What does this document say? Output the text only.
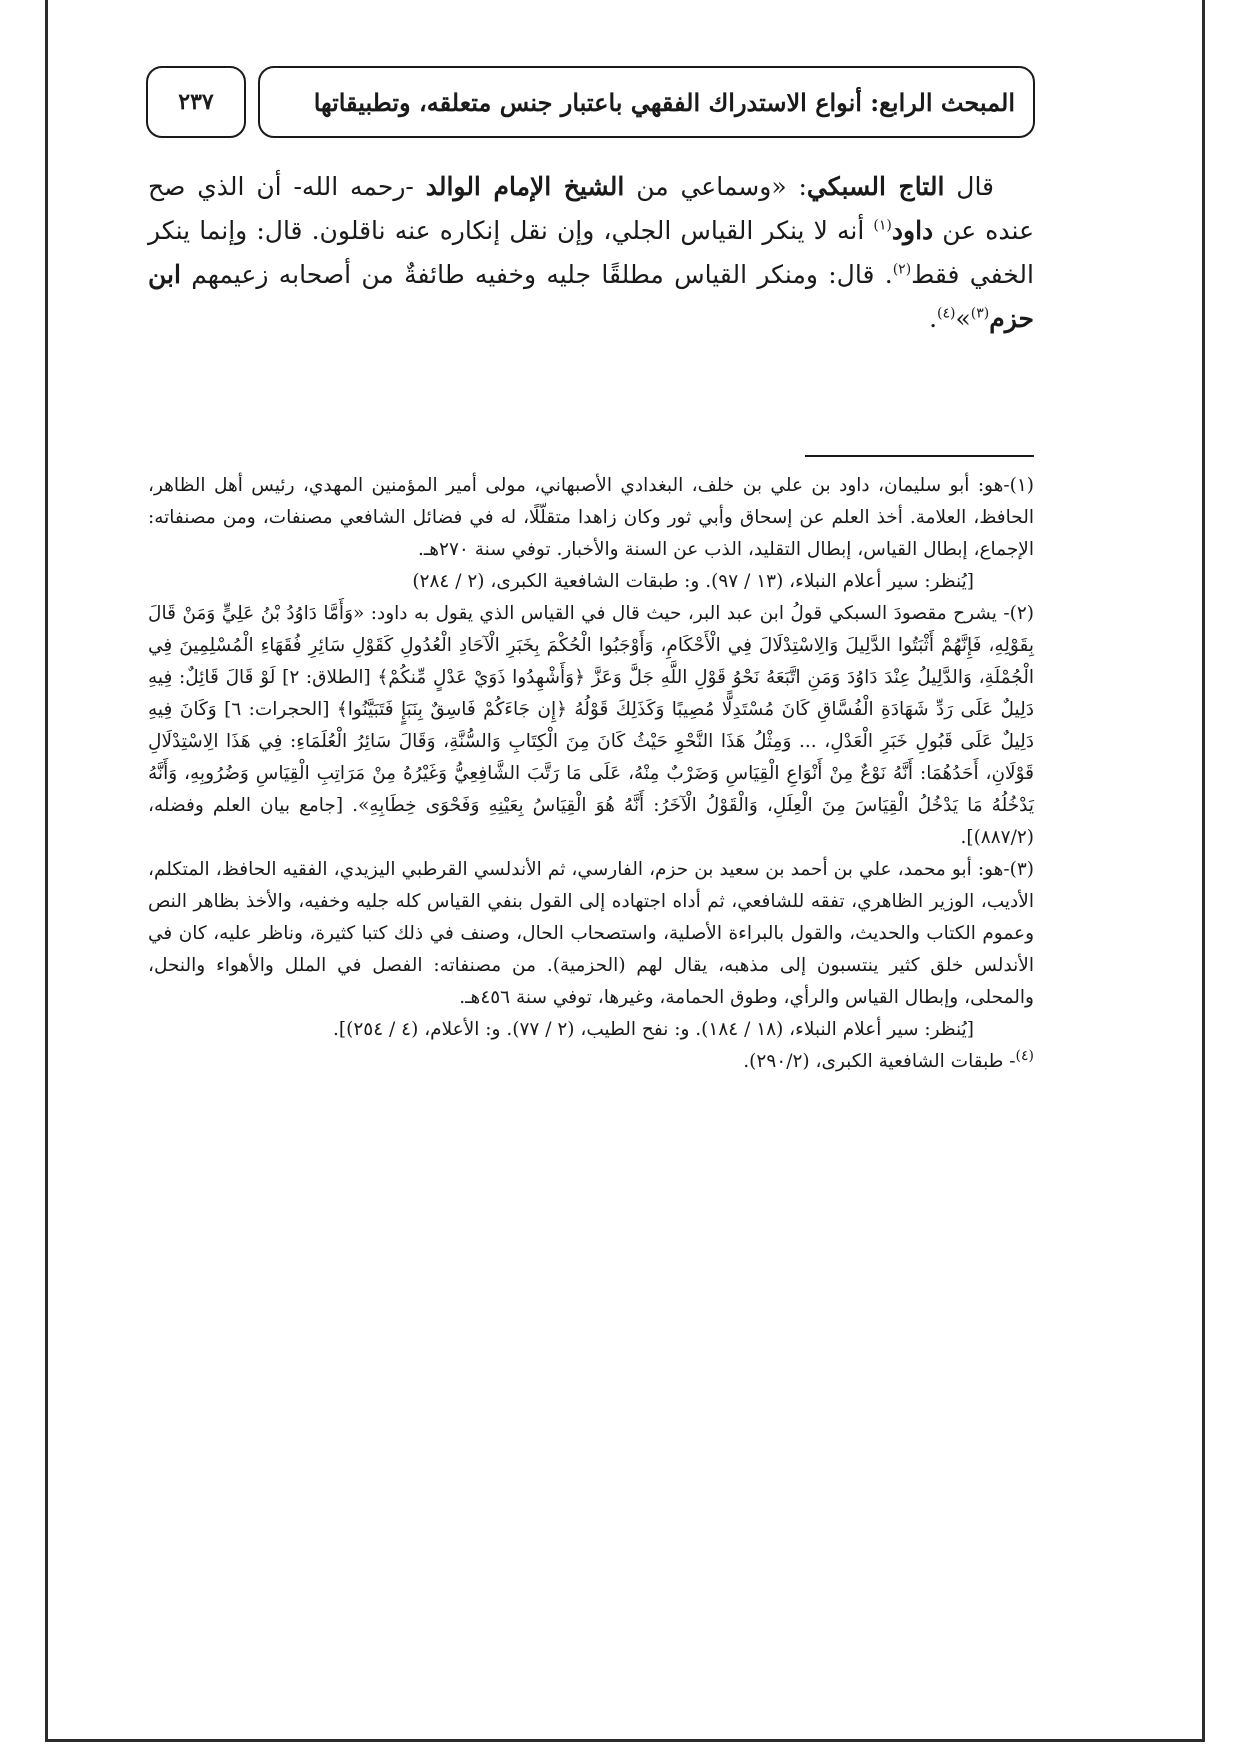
المبحث الرابع: أنواع الاستدراك الفقهي باعتبار جنس متعلقه، وتطبيقاتها
٢٣٧

قال التاج السبكي: «وسماعي من الشيخ الإمام الوالد -رحمه الله- أن الذي صح عنده عن داود$^{(١)}$ أنه لا ينكر القياس الجلي، وإن نقل إنكاره عنه ناقلون. قال: وإنما ينكر الخفي فقط$^{(٢)}$. قال: ومنكر القياس مطلقًا جليه وخفيه طائفةٌ من أصحابه زعيمهم ابن حزم$^{(٣)}$»$^{(٤)}$.

(١)-هو: أبو سليمان، داود بن علي بن خلف، البغدادي الأصبهاني، مولى أمير المؤمنين المهدي، رئيس أهل الظاهر، الحافظ، العلامة. أخذ العلم عن إسحاق وأبي ثور وكان زاهدا متقلّلًا، له في فضائل الشافعي مصنفات، ومن مصنفاته: الإجماع، إبطال القياس، إبطال التقليد، الذب عن السنة والأخبار. توفي سنة ٢٧٠هـ.

[يُنظر: سير أعلام النبلاء، (١٣ / ٩٧). و: طبقات الشافعية الكبرى، (٢ / ٢٨٤)

(٢)- يشرح مقصودَ السبكي قولُ ابن عبد البر، حيث قال في القياس الذي يقول به داود: «وَأَمَّا دَاوُدُ بْنُ عَلِيٍّ وَمَنْ قَالَ بِقَوْلِهِ، فَإِنَّهُمْ أَثْبَتُوا الدَّلِيلَ وَالِاسْتِدْلَالَ فِي الْأَحْكَامِ، وَأَوْجَبُوا الْحُكْمَ بِخَبَرِ الْآحَادِ الْعُدُولِ كَقَوْلِ سَائِرِ فُقَهَاءِ الْمُسْلِمِينَ فِي الْجُمْلَةِ، وَالدَّلِيلُ عِنْدَ دَاوُدَ وَمَنِ اتَّبَعَهُ نَحْوُ قَوْلِ اللَّهِ جَلَّ وَعَزَّ ﴿وَأَشْهِدُوا ذَوَيْ عَدْلٍ مِّنكُمْ﴾ [الطلاق: ٢] لَوْ قَالَ قَائِلٌ: فِيهِ دَلِيلٌ عَلَى رَدِّ شَهَادَةِ الْفُسَّاقِ كَانَ مُسْتَدِلًّا مُصِيبًا وَكَذَلِكَ قَوْلُهُ ﴿إِن جَاءَكُمْ فَاسِقٌ بِنَبَإٍ فَتَبَيَّنُوا﴾ [الحجرات: ٦] وَكَانَ فِيهِ دَلِيلٌ عَلَى قَبُولِ خَبَرِ الْعَدْلِ، ... وَمِثْلُ هَذَا النَّحْوِ حَيْثُ كَانَ مِنَ الْكِتَابِ وَالسُّنَّةِ، وَقَالَ سَائِرُ الْعُلَمَاءِ: فِي هَذَا الِاسْتِدْلَالِ قَوْلَانِ، أَحَدُهُمَا: أَنَّهُ نَوْعٌ مِنْ أَنْوَاعِ الْقِيَاسِ وَضَرْبٌ مِنْهُ، عَلَى مَا رَتَّبَ الشَّافِعِيُّ وَغَيْرُهُ مِنْ مَرَاتِبِ الْقِيَاسِ وَضُرُوبِهِ، وَأَنَّهُ يَدْخُلُهُ مَا يَدْخُلُ الْقِيَاسَ مِنَ الْعِلَلِ، وَالْقَوْلُ الْآخَرُ: أَنَّهُ هُوَ الْقِيَاسُ بِعَيْنِهِ وَفَحْوَى خِطَابِهِ». [جامع بيان العلم وفضله، (٨٨٧/٢)].

(٣)-هو: أبو محمد، علي بن أحمد بن سعيد بن حزم، الفارسي، ثم الأندلسي القرطبي اليزيدي، الفقيه الحافظ، المتكلم، الأديب، الوزير الظاهري، تفقه للشافعي، ثم أداه اجتهاده إلى القول بنفي القياس كله جليه وخفيه، والأخذ بظاهر النص وعموم الكتاب والحديث، والقول بالبراءة الأصلية، واستصحاب الحال، وصنف في ذلك كتبا كثيرة، وناظر عليه، كان في الأندلس خلق كثير ينتسبون إلى مذهبه، يقال لهم (الحزمية). من مصنفاته: الفصل في الملل والأهواء والنحل، والمحلى، وإبطال القياس والرأي، وطوق الحمامة، وغيرها، توفي سنة ٤٥٦هـ.

[يُنظر: سير أعلام النبلاء، (١٨ / ١٨٤). و: نفح الطيب، (٢ / ٧٧). و: الأعلام، (٤ / ٢٥٤)].

$^{(٤)}$- طبقات الشافعية الكبرى، (٢٩٠/٢).
